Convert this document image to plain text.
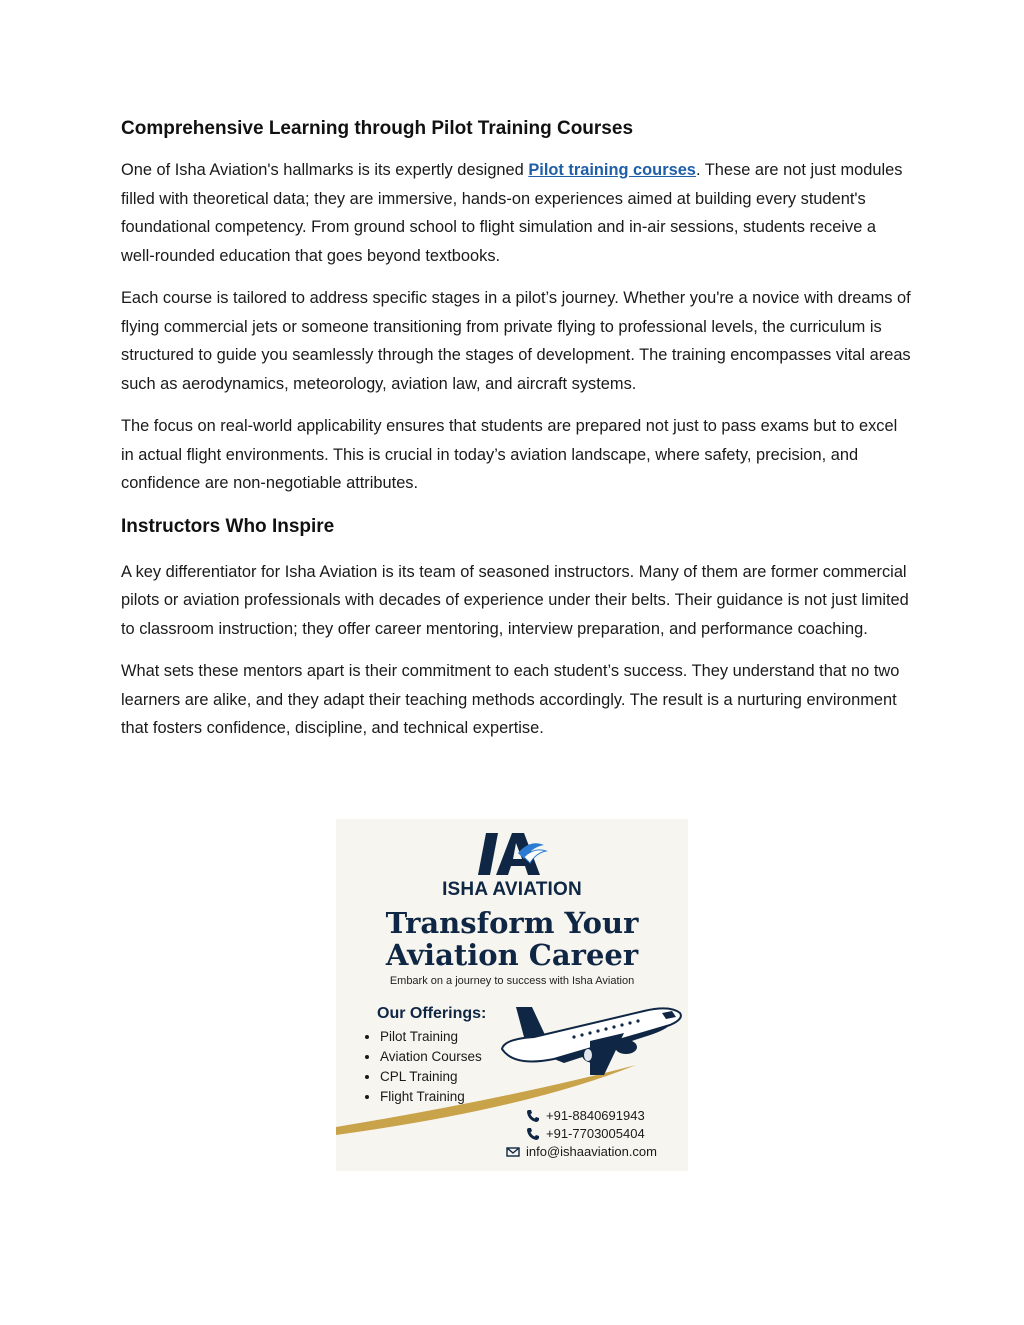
Comprehensive Learning through Pilot Training Courses

One of Isha Aviation's hallmarks is its expertly designed Pilot training courses. These are not just modules filled with theoretical data; they are immersive, hands-on experiences aimed at building every student's foundational competency. From ground school to flight simulation and in-air sessions, students receive a well-rounded education that goes beyond textbooks.

Each course is tailored to address specific stages in a pilot’s journey. Whether you're a novice with dreams of flying commercial jets or someone transitioning from private flying to professional levels, the curriculum is structured to guide you seamlessly through the stages of development. The training encompasses vital areas such as aerodynamics, meteorology, aviation law, and aircraft systems.

The focus on real-world applicability ensures that students are prepared not just to pass exams but to excel in actual flight environments. This is crucial in today’s aviation landscape, where safety, precision, and confidence are non-negotiable attributes.

Instructors Who Inspire

A key differentiator for Isha Aviation is its team of seasoned instructors. Many of them are former commercial pilots or aviation professionals with decades of experience under their belts. Their guidance is not just limited to classroom instruction; they offer career mentoring, interview preparation, and performance coaching.

What sets these mentors apart is their commitment to each student’s success. They understand that no two learners are alike, and they adapt their teaching methods accordingly. The result is a nurturing environment that fosters confidence, discipline, and technical expertise.

ISHA AVIATION
Transform Your
Aviation Career
Embark on a journey to success with Isha Aviation
Our Offerings:
• Pilot Training
• Aviation Courses
• CPL Training
• Flight Training
+91-8840691943
+91-7703005404
info@ishaaviation.com
